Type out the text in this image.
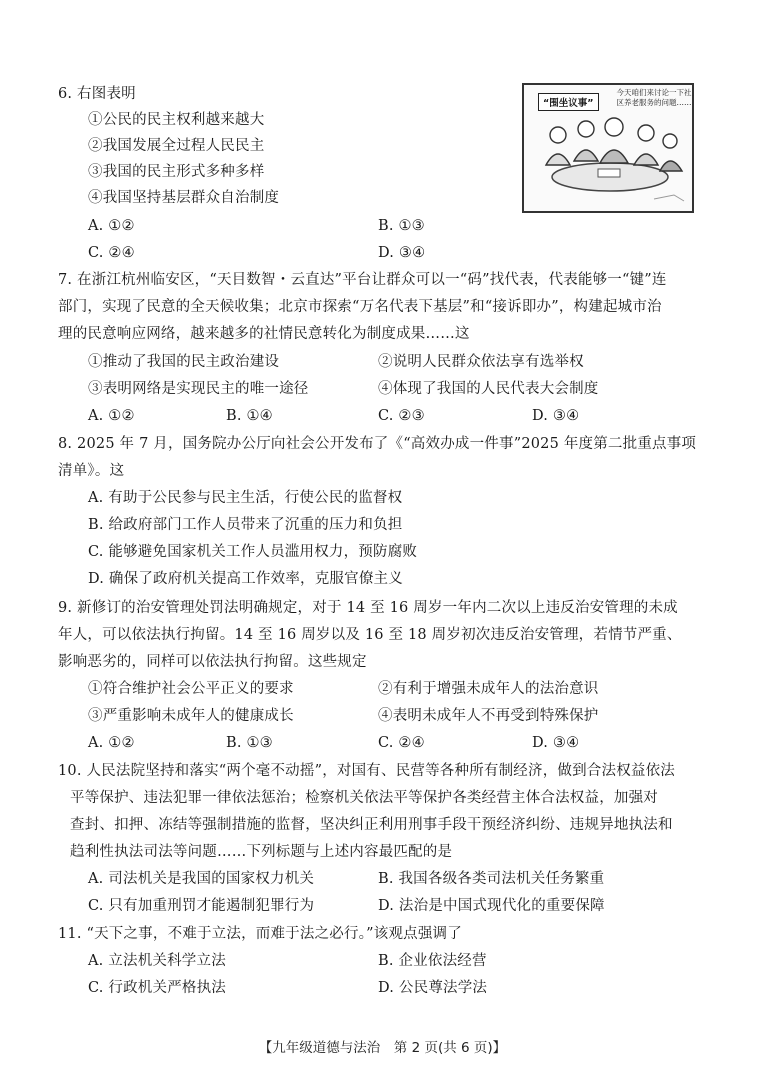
6. 右图表明
①公民的民主权利越来越大
②我国发展全过程人民民主
③我国的民主形式多种多样
④我国坚持基层群众自治制度
A. ①②	B. ①③
C. ②④	D. ③④
“围坐议事”
今天咱们来讨论一下社区养老服务的问题……
7. 在浙江杭州临安区，“天目数智・云直达”平台让群众可以一“码”找代表，代表能够一“键”连
部门，实现了民意的全天候收集；北京市探索“万名代表下基层”和“接诉即办”，构建起城市治
理的民意响应网络，越来越多的社情民意转化为制度成果……这
①推动了我国的民主政治建设	②说明人民群众依法享有选举权
③表明网络是实现民主的唯一途径	④体现了我国的人民代表大会制度
A. ①②	B. ①④	C. ②③	D. ③④
8. 2025 年 7 月，国务院办公厅向社会公开发布了《“高效办成一件事”2025 年度第二批重点事项
清单》。这
A. 有助于公民参与民主生活，行使公民的监督权
B. 给政府部门工作人员带来了沉重的压力和负担
C. 能够避免国家机关工作人员滥用权力，预防腐败
D. 确保了政府机关提高工作效率，克服官僚主义
9. 新修订的治安管理处罚法明确规定，对于 14 至 16 周岁一年内二次以上违反治安管理的未成
年人，可以依法执行拘留。14 至 16 周岁以及 16 至 18 周岁初次违反治安管理，若情节严重、
影响恶劣的，同样可以依法执行拘留。这些规定
①符合维护社会公平正义的要求	②有利于增强未成年人的法治意识
③严重影响未成年人的健康成长	④表明未成年人不再受到特殊保护
A. ①②	B. ①③	C. ②④	D. ③④
10. 人民法院坚持和落实“两个毫不动摇”，对国有、民营等各种所有制经济，做到合法权益依法
平等保护、违法犯罪一律依法惩治；检察机关依法平等保护各类经营主体合法权益，加强对
查封、扣押、冻结等强制措施的监督，坚决纠正利用刑事手段干预经济纠纷、违规异地执法和
趋利性执法司法等问题……下列标题与上述内容最匹配的是
A. 司法机关是我国的国家权力机关	B. 我国各级各类司法机关任务繁重
C. 只有加重刑罚才能遏制犯罪行为	D. 法治是中国式现代化的重要保障
11. “天下之事，不难于立法，而难于法之必行。”该观点强调了
A. 立法机关科学立法	B. 企业依法经营
C. 行政机关严格执法	D. 公民尊法学法
【九年级道德与法治　第 2 页(共 6 页)】
